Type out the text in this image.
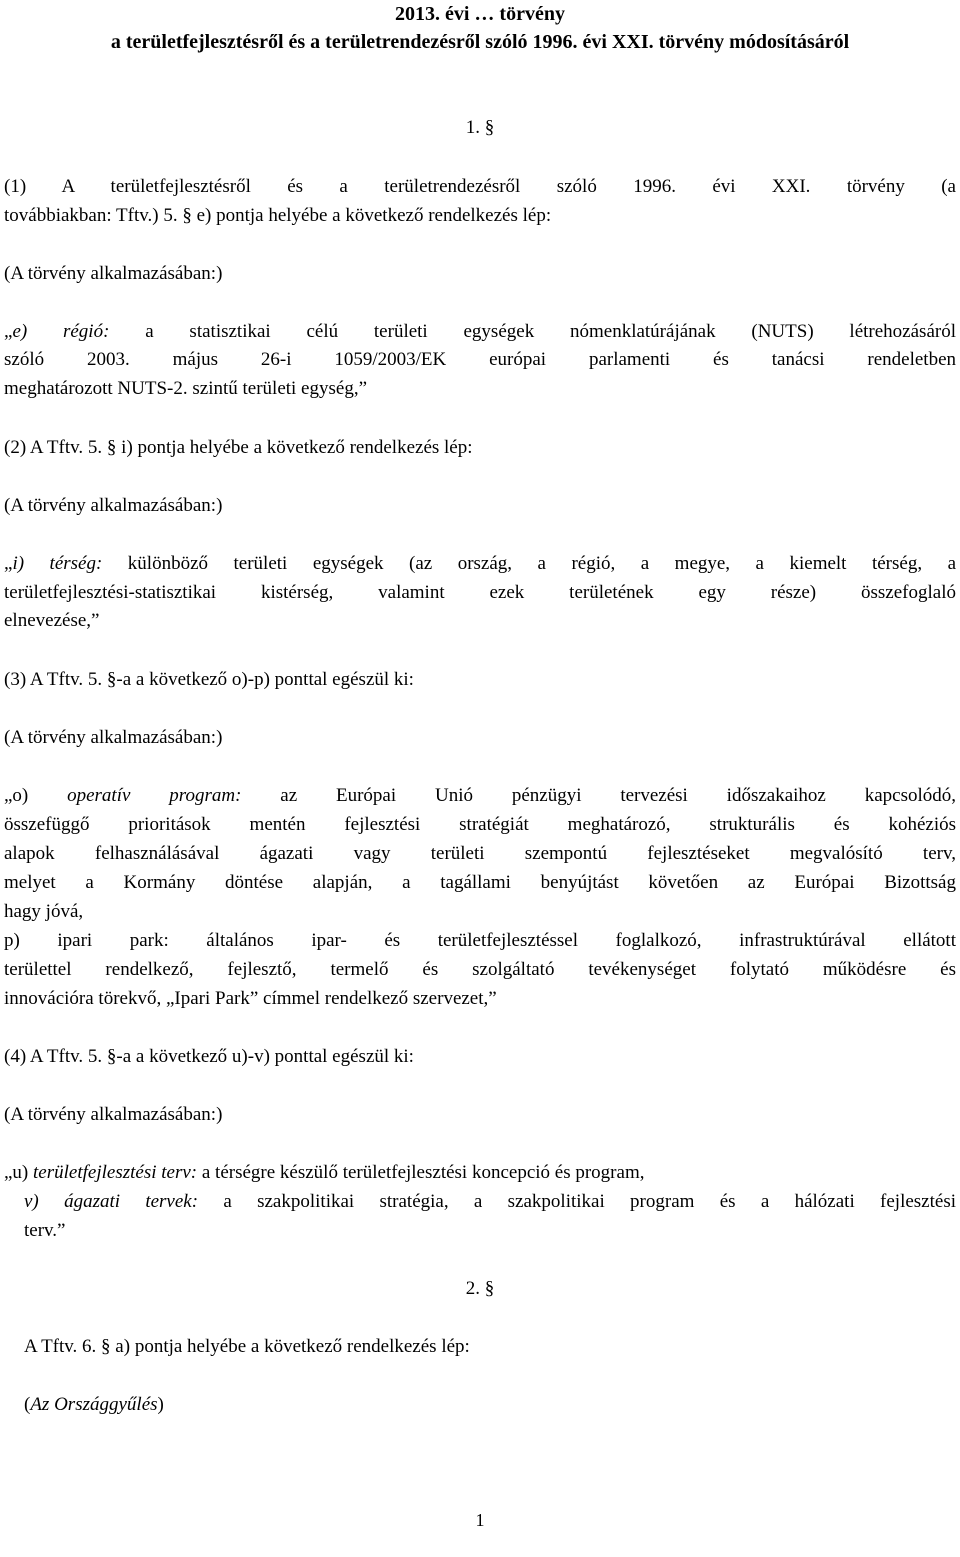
2013. évi … törvény
a területfejlesztésről és a területrendezésről szóló 1996. évi XXI. törvény módosításáról
1. §
(1) A területfejlesztésről és a területrendezésről szóló 1996. évi XXI. törvény (a
továbbiakban: Tftv.) 5. § e) pontja helyébe a következő rendelkezés lép:
(A törvény alkalmazásában:)
„e) régió: a statisztikai célú területi egységek nómenklatúrájának (NUTS) létrehozásáról
szóló 2003. május 26-i 1059/2003/EK európai parlamenti és tanácsi rendeletben
meghatározott NUTS-2. szintű területi egység,”
(2) A Tftv. 5. § i) pontja helyébe a következő rendelkezés lép:
(A törvény alkalmazásában:)
„i) térség: különböző területi egységek (az ország, a régió, a megye, a kiemelt térség, a
területfejlesztési-statisztikai kistérség, valamint ezek területének egy része) összefoglaló
elnevezése,”
(3) A Tftv. 5. §-a a következő o)-p) ponttal egészül ki:
(A törvény alkalmazásában:)
„o) operatív program: az Európai Unió pénzügyi tervezési időszakaihoz kapcsolódó,
összefüggő prioritások mentén fejlesztési stratégiát meghatározó, strukturális és kohéziós
alapok felhasználásával ágazati vagy területi szempontú fejlesztéseket megvalósító terv,
melyet a Kormány döntése alapján, a tagállami benyújtást követően az Európai Bizottság
hagy jóvá,
p) ipari park: általános ipar- és területfejlesztéssel foglalkozó, infrastruktúrával ellátott
területtel rendelkező, fejlesztő, termelő és szolgáltató tevékenységet folytató működésre és
innovációra törekvő, „Ipari Park” címmel rendelkező szervezet,”
(4) A Tftv. 5. §-a a következő u)-v) ponttal egészül ki:
(A törvény alkalmazásában:)
„u) területfejlesztési terv: a térségre készülő területfejlesztési koncepció és program,
v) ágazati tervek: a szakpolitikai stratégia, a szakpolitikai program és a hálózati fejlesztési
terv.”
2. §
A Tftv. 6. § a) pontja helyébe a következő rendelkezés lép:
(Az Országgyűlés)
1
